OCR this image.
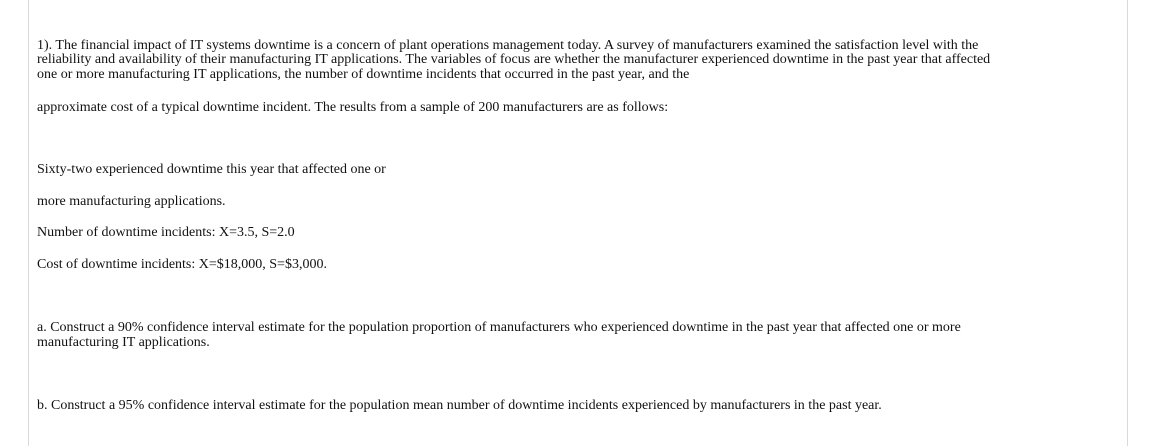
1). The financial impact of IT systems downtime is a concern of plant operations management today. A survey of manufacturers examined the satisfaction level with the
reliability and availability of their manufacturing IT applications. The variables of focus are whether the manufacturer experienced downtime in the past year that affected
one or more manufacturing IT applications, the number of downtime incidents that occurred in the past year, and the
approximate cost of a typical downtime incident. The results from a sample of 200 manufacturers are as follows:
Sixty-two experienced downtime this year that affected one or
more manufacturing applications.
Number of downtime incidents: X=3.5, S=2.0
Cost of downtime incidents: X=$18,000, S=$3,000.
a. Construct a 90% confidence interval estimate for the population proportion of manufacturers who experienced downtime in the past year that affected one or more
manufacturing IT applications.
b. Construct a 95% confidence interval estimate for the population mean number of downtime incidents experienced by manufacturers in the past year.
